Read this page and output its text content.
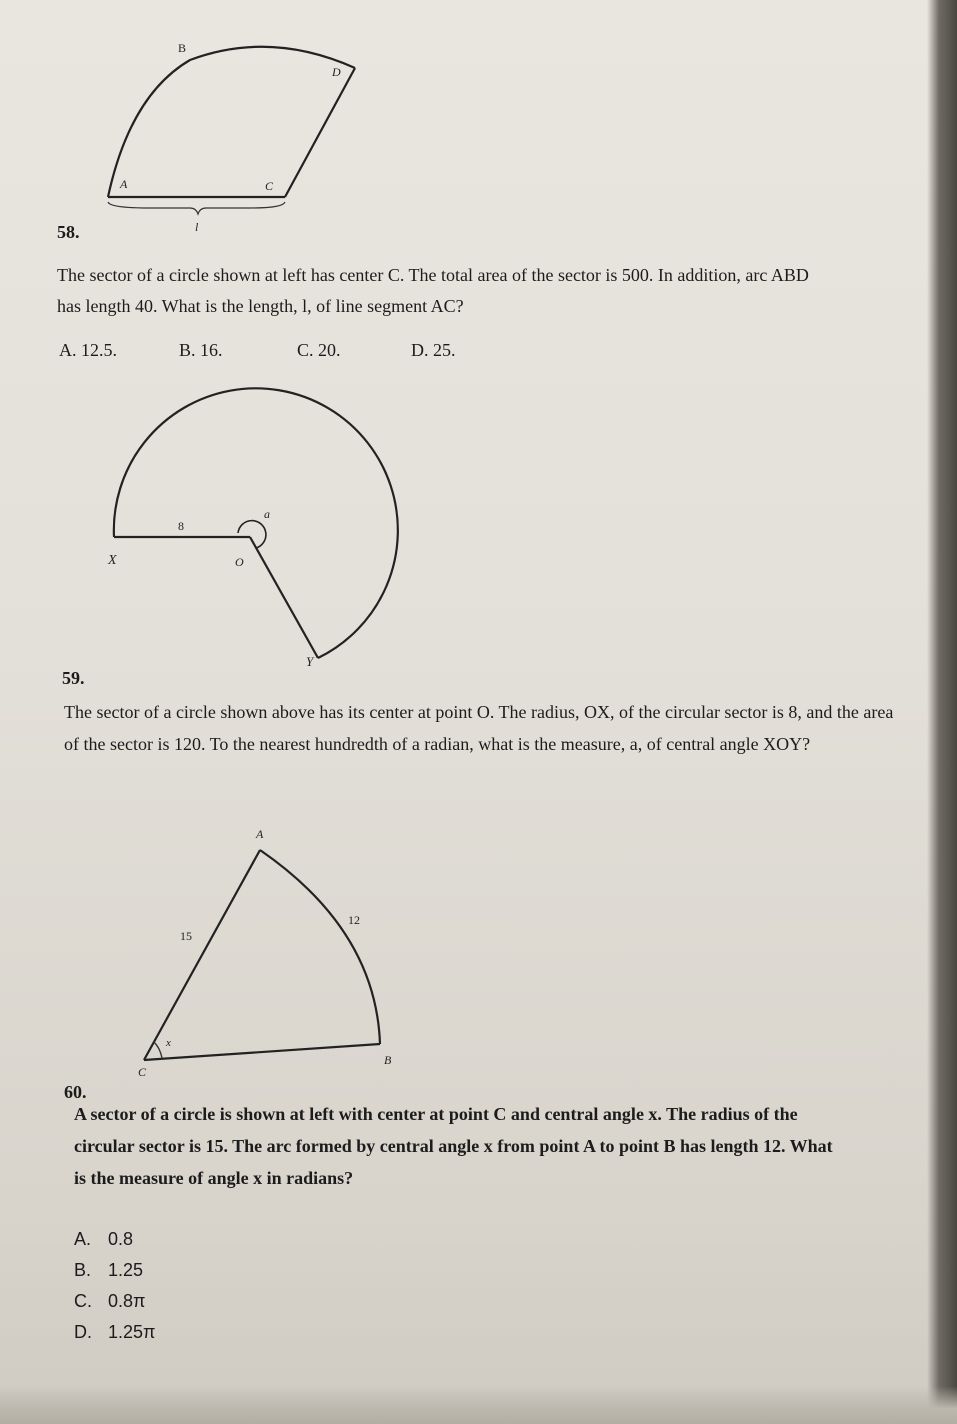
B
D
A	C
l
58.

The sector of a circle shown at left has center C. The total area of the sector is 500. In addition, arc ABD has length 40. What is the length, l, of line segment AC?

A. 12.5.	B. 16.	C. 20.	D. 25.
8
a
X	O
Y
59.

The sector of a circle shown above has its center at point O. The radius, OX, of the circular sector is 8, and the area of the sector is 120. To the nearest hundredth of a radian, what is the measure, a, of central angle XOY?

A
15
12
x
C
B
60.

A sector of a circle is shown at left with center at point C and central angle x. The radius of the circular sector is 15. The arc formed by central angle x from point A to point B has length 12. What is the measure of angle x in radians?

A. 0.8
B. 1.25
C. 0.8π
D. 1.25π
